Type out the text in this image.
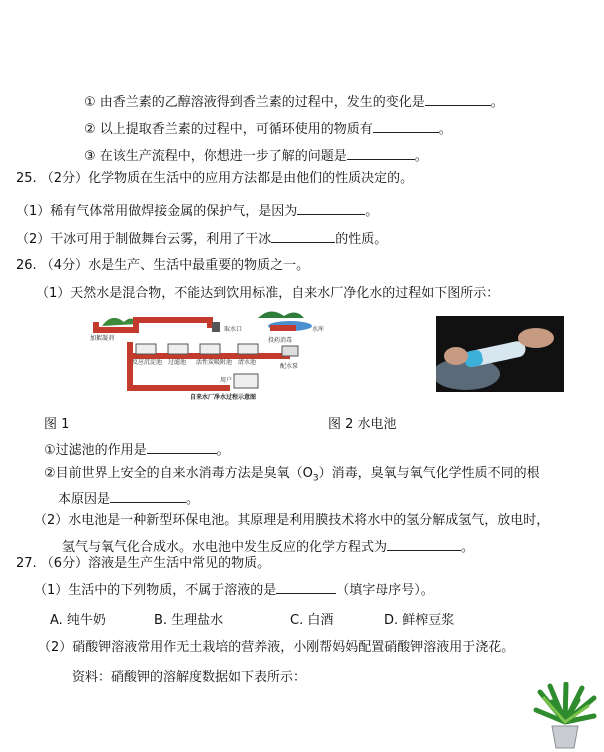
① 由香兰素的乙醇溶液得到香兰素的过程中，发生的变化是	。
② 以上提取香兰素的过程中，可循环使用的物质有	。
③ 在该生产流程中，你想进一步了解的问题是	。
25. （2分）化学物质在生活中的应用方法都是由他们的性质决定的。
（1）稀有气体常用做焊接金属的保护气，是因为	。
（2）干冰可用于制做舞台云雾，利用了干冰	的性质。
26. （4分）水是生产、生活中最重要的物质之一。
（1）天然水是混合物，不能达到饮用标准，自来水厂净化水的过程如下图所示：
加絮凝剂
取水口	水库
反应沉淀池 过滤池 活性炭吸附池 清水池
投药消毒
配水泵
用户
自来水厂净水过程示意图
图 1	图 2 水电池
①过滤池的作用是	。
②目前世界上安全的自来水消毒方法是臭氧$(O_3)$消毒，臭氧与氧气化学性质不同的根
本原因是	。
（2）水电池是一种新型环保电池。其原理是利用膜技术将水中的氢分解成氢气，放电时，
氢气与氧气化合成水。水电池中发生反应的化学方程式为	。
27. （6分）溶液是生产生活中常见的物质。
（1）生活中的下列物质，不属于溶液的是	（填字母序号）。
A. 纯牛奶	B. 生理盐水	C. 白酒	D. 鲜榨豆浆
（2）硝酸钾溶液常用作无土栽培的营养液，小刚帮妈妈配置硝酸钾溶液用于浇花。
资料：硝酸钾的溶解度数据如下表所示：
